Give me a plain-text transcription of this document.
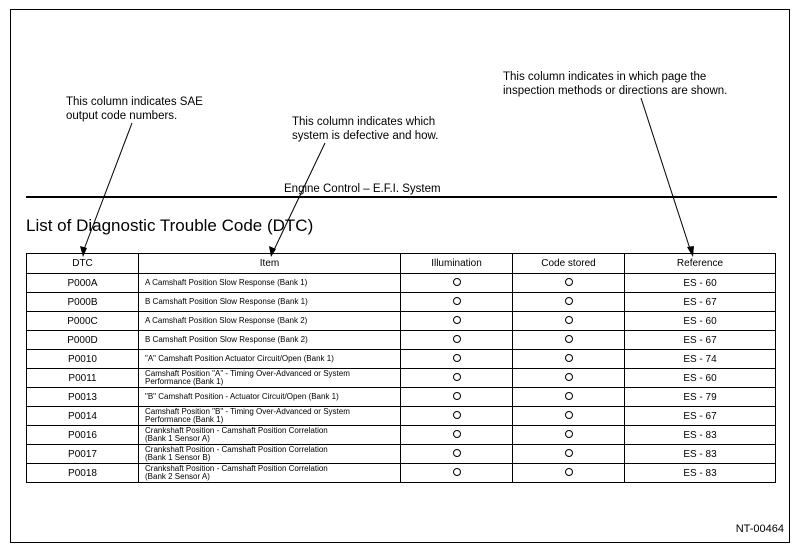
This column indicates SAE
output code numbers.	This column indicates which
system is defective and how.
This column indicates in which page the
inspection methods or directions are shown.
Engine Control – E.F.I. System
List of Diagnostic Trouble Code (DTC)
DTC	Item	Illumination	Code stored	Reference
P000A	A Camshaft Position Slow Response (Bank 1)			ES - 60
P000B	B Camshaft Position Slow Response (Bank 1)			ES - 67
P000C	A Camshaft Position Slow Response (Bank 2)			ES - 60
P000D	B Camshaft Position Slow Response (Bank 2)			ES - 67
P0010	"A" Camshaft Position Actuator Circuit/Open (Bank 1)			ES - 74
P0011	Camshaft Position "A" - Timing Over-Advanced or System
Performance (Bank 1)			ES - 60
P0013	"B" Camshaft Position - Actuator Circuit/Open (Bank 1)			ES - 79
P0014	Camshaft Position "B" - Timing Over-Advanced or System
Performance (Bank 1)			ES - 67
P0016	Crankshaft Position - Camshaft Position Correlation
(Bank 1 Sensor A)			ES - 83
P0017	Crankshaft Position - Camshaft Position Correlation
(Bank 1 Sensor B)			ES - 83
P0018	Crankshaft Position - Camshaft Position Correlation
(Bank 2 Sensor A)			ES - 83
NT-00464
